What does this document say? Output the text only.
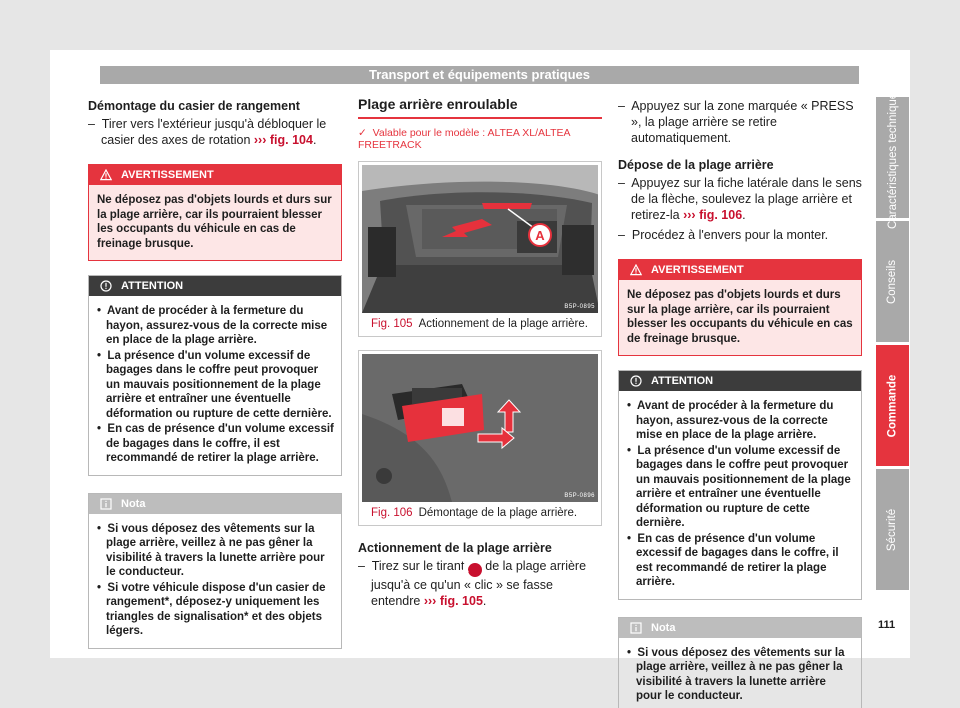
Transport et équipements pratiques
Démontage du casier de rangement

– Tirer vers l'extérieur jusqu'à débloquer le casier des axes de rotation ››› fig. 104.

AVERTISSEMENT
Ne déposez pas d'objets lourds et durs sur la plage arrière, car ils pourraient blesser les occupants du véhicule en cas de freinage brusque.
ATTENTION
•  Avant de procéder à la fermeture du hayon, assurez-vous de la correcte mise en place de la plage arrière.
•  La présence d'un volume excessif de bagages dans le coffre peut provoquer un mauvais positionnement de la plage arrière et entraîner une éventuelle déformation ou rupture de cette dernière.
•  En cas de présence d'un volume excessif de bagages dans le coffre, il est recommandé de retirer la plage arrière.
Nota
•  Si vous déposez des vêtements sur la plage arrière, veillez à ne pas gêner la visibilité à travers la lunette arrière pour le conducteur.
•  Si votre véhicule dispose d'un casier de rangement*, déposez-y uniquement les triangles de signalisation* et des objets légers.
Plage arrière enroulable
✓ Valable pour le modèle : ALTEA XL/ALTEA FREETRACK
A
B5P-0895
Fig. 105 Actionnement de la plage arrière.
B5P-0896
Fig. 106 Démontage de la plage arrière.
Actionnement de la plage arrière

– Tirez sur le tirant A de la plage arrière jusqu'à ce qu'un « clic » se fasse entendre ››› fig. 105.

– Appuyez sur la zone marquée « PRESS », la plage arrière se retire automatiquement.

Dépose de la plage arrière

– Appuyez sur la fiche latérale dans le sens de la flèche, soulevez la plage arrière et retirez-la ››› fig. 106.

– Procédez à l'envers pour la monter.

AVERTISSEMENT
Ne déposez pas d'objets lourds et durs sur la plage arrière, car ils pourraient blesser les occupants du véhicule en cas de freinage brusque.
ATTENTION
•  Avant de procéder à la fermeture du hayon, assurez-vous de la correcte mise en place de la plage arrière.
•  La présence d'un volume excessif de bagages dans le coffre peut provoquer un mauvais positionnement de la plage arrière et entraîner une éventuelle déformation ou rupture de cette dernière.
•  En cas de présence d'un volume excessif de bagages dans le coffre, il est recommandé de retirer la plage arrière.
Nota
•  Si vous déposez des vêtements sur la plage arrière, veillez à ne pas gêner la visibilité à travers la lunette arrière pour le conducteur.
Caractéristiques techniques
Conseils
Commande
Sécurité
111
